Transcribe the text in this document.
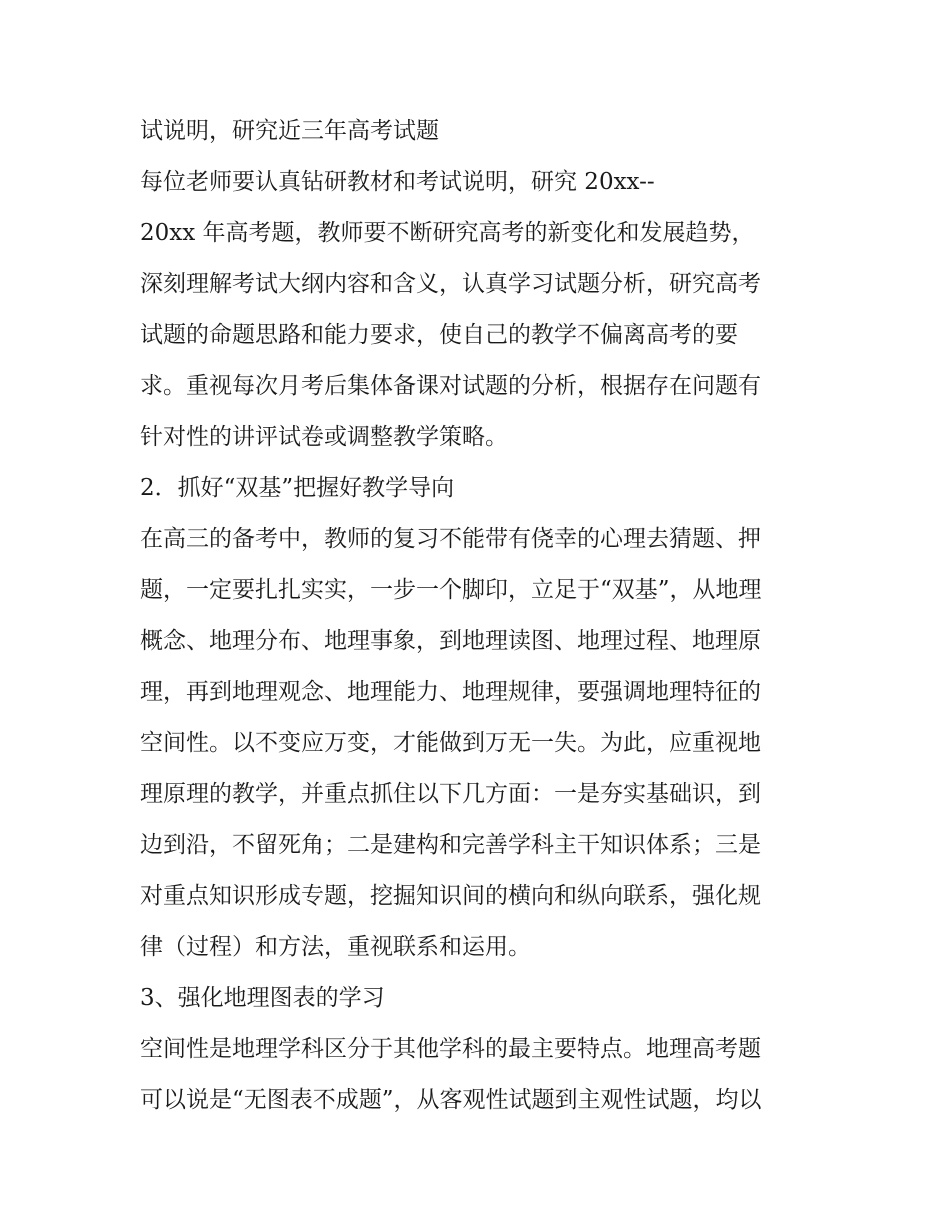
试说明，研究近三年高考试题
每位老师要认真钻研教材和考试说明，研究 20xx--
20xx 年高考题，教师要不断研究高考的新变化和发展趋势，
深刻理解考试大纲内容和含义，认真学习试题分析，研究高考
试题的命题思路和能力要求，使自己的教学不偏离高考的要
求。重视每次月考后集体备课对试题的分析，根据存在问题有
针对性的讲评试卷或调整教学策略。
2．抓好“双基”把握好教学导向
在高三的备考中，教师的复习不能带有侥幸的心理去猜题、押
题，一定要扎扎实实，一步一个脚印，立足于“双基”，从地理
概念、地理分布、地理事象，到地理读图、地理过程、地理原
理，再到地理观念、地理能力、地理规律，要强调地理特征的
空间性。以不变应万变，才能做到万无一失。为此，应重视地
理原理的教学，并重点抓住以下几方面：一是夯实基础识，到
边到沿，不留死角；二是建构和完善学科主干知识体系；三是
对重点知识形成专题，挖掘知识间的横向和纵向联系，强化规
律（过程）和方法，重视联系和运用。
3、强化地理图表的学习
空间性是地理学科区分于其他学科的最主要特点。地理高考题
可以说是“无图表不成题”，从客观性试题到主观性试题，均以
